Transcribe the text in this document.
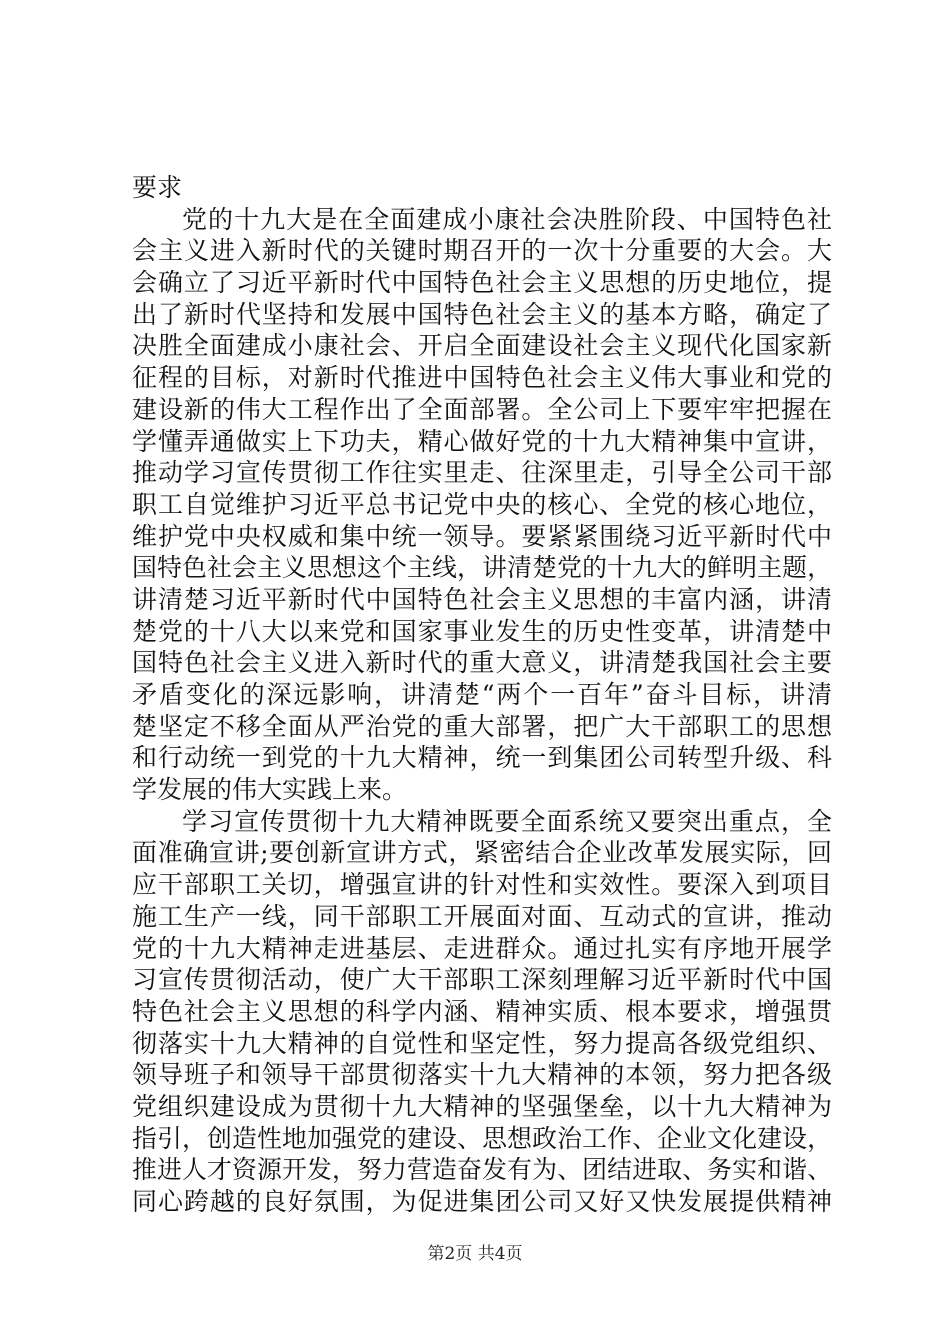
要求
党的十九大是在全面建成小康社会决胜阶段、中国特色社
会主义进入新时代的关键时期召开的一次十分重要的大会。大
会确立了习近平新时代中国特色社会主义思想的历史地位，提
出了新时代坚持和发展中国特色社会主义的基本方略，确定了
决胜全面建成小康社会、开启全面建设社会主义现代化国家新
征程的目标，对新时代推进中国特色社会主义伟大事业和党的
建设新的伟大工程作出了全面部署。全公司上下要牢牢把握在
学懂弄通做实上下功夫，精心做好党的十九大精神集中宣讲，
推动学习宣传贯彻工作往实里走、往深里走，引导全公司干部
职工自觉维护习近平总书记党中央的核心、全党的核心地位，
维护党中央权威和集中统一领导。要紧紧围绕习近平新时代中
国特色社会主义思想这个主线，讲清楚党的十九大的鲜明主题，
讲清楚习近平新时代中国特色社会主义思想的丰富内涵，讲清
楚党的十八大以来党和国家事业发生的历史性变革，讲清楚中
国特色社会主义进入新时代的重大意义，讲清楚我国社会主要
矛盾变化的深远影响，讲清楚“两个一百年”奋斗目标，讲清
楚坚定不移全面从严治党的重大部署，把广大干部职工的思想
和行动统一到党的十九大精神，统一到集团公司转型升级、科
学发展的伟大实践上来。
学习宣传贯彻十九大精神既要全面系统又要突出重点，全
面准确宣讲;要创新宣讲方式，紧密结合企业改革发展实际，回
应干部职工关切，增强宣讲的针对性和实效性。要深入到项目
施工生产一线，同干部职工开展面对面、互动式的宣讲，推动
党的十九大精神走进基层、走进群众。通过扎实有序地开展学
习宣传贯彻活动，使广大干部职工深刻理解习近平新时代中国
特色社会主义思想的科学内涵、精神实质、根本要求，增强贯
彻落实十九大精神的自觉性和坚定性，努力提高各级党组织、
领导班子和领导干部贯彻落实十九大精神的本领，努力把各级
党组织建设成为贯彻十九大精神的坚强堡垒，以十九大精神为
指引，创造性地加强党的建设、思想政治工作、企业文化建设，
推进人才资源开发，努力营造奋发有为、团结进取、务实和谐、
同心跨越的良好氛围，为促进集团公司又好又快发展提供精神
第2页 共4页
